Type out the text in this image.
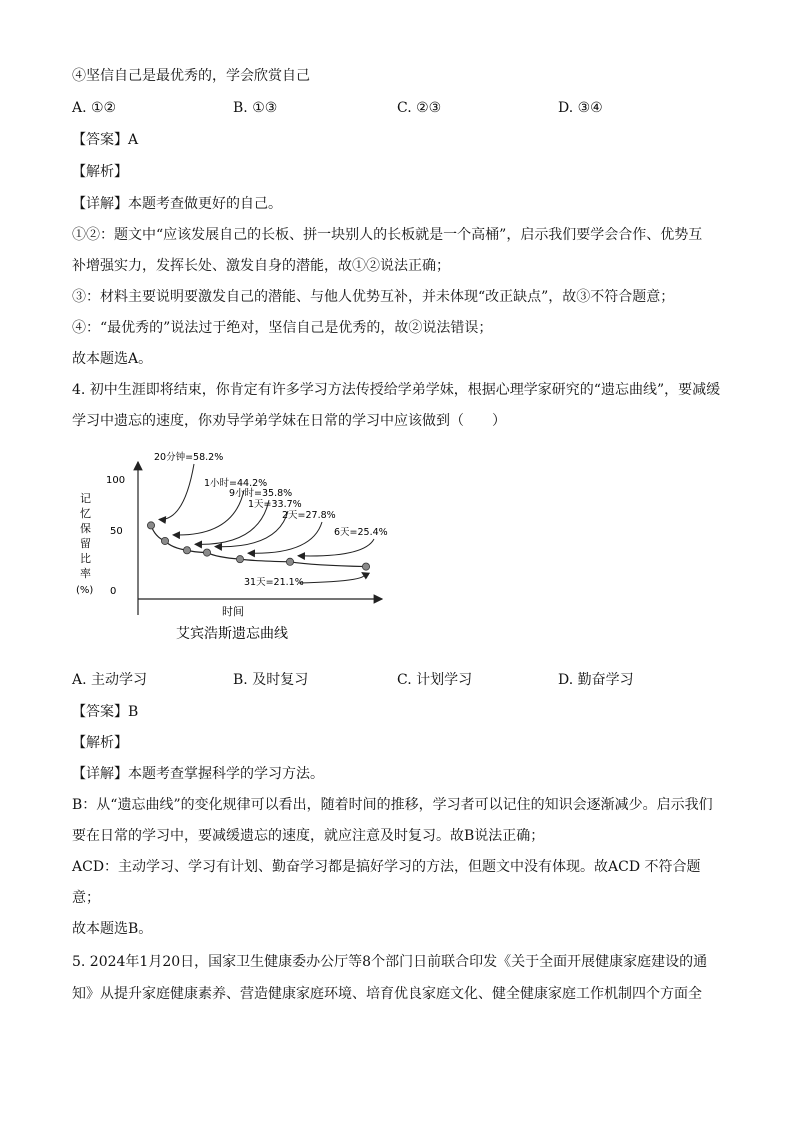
④坚信自己是最优秀的，学会欣赏自己
A. ①②	B. ①③	C. ②③	D. ③④
【答案】A
【解析】
【详解】本题考查做更好的自己。
①②：题文中“应该发展自己的长板、拼一块别人的长板就是一个高桶”，启示我们要学会合作、优势互
补增强实力，发挥长处、激发自身的潜能，故①②说法正确；
③：材料主要说明要激发自己的潜能、与他人优势互补，并未体现“改正缺点”，故③不符合题意；
④：“最优秀的”说法过于绝对，坚信自己是优秀的，故②说法错误；
故本题选A。
4. 初中生涯即将结束，你肯定有许多学习方法传授给学弟学妹，根据心理学家研究的“遗忘曲线”，要减缓
学习中遗忘的速度，你劝导学弟学妹在日常的学习中应该做到（　　）
100
50
0
记
忆
保
留
比
率
(%)
时间
艾宾浩斯遗忘曲线
20分钟=58.2%
1小时=44.2%
9小时=35.8%
1天=33.7%
2天=27.8%
6天=25.4%
31天=21.1%
A. 主动学习	B. 及时复习	C. 计划学习	D. 勤奋学习
【答案】B
【解析】
【详解】本题考查掌握科学的学习方法。
B：从“遗忘曲线”的变化规律可以看出，随着时间的推移，学习者可以记住的知识会逐渐减少。启示我们
要在日常的学习中，要减缓遗忘的速度，就应注意及时复习。故B说法正确；
ACD：主动学习、学习有计划、勤奋学习都是搞好学习的方法，但题文中没有体现。故ACD 不符合题
意；
故本题选B。
5. 2024年1月20日，国家卫生健康委办公厅等8个部门日前联合印发《关于全面开展健康家庭建设的通
知》从提升家庭健康素养、营造健康家庭环境、培育优良家庭文化、健全健康家庭工作机制四个方面全
